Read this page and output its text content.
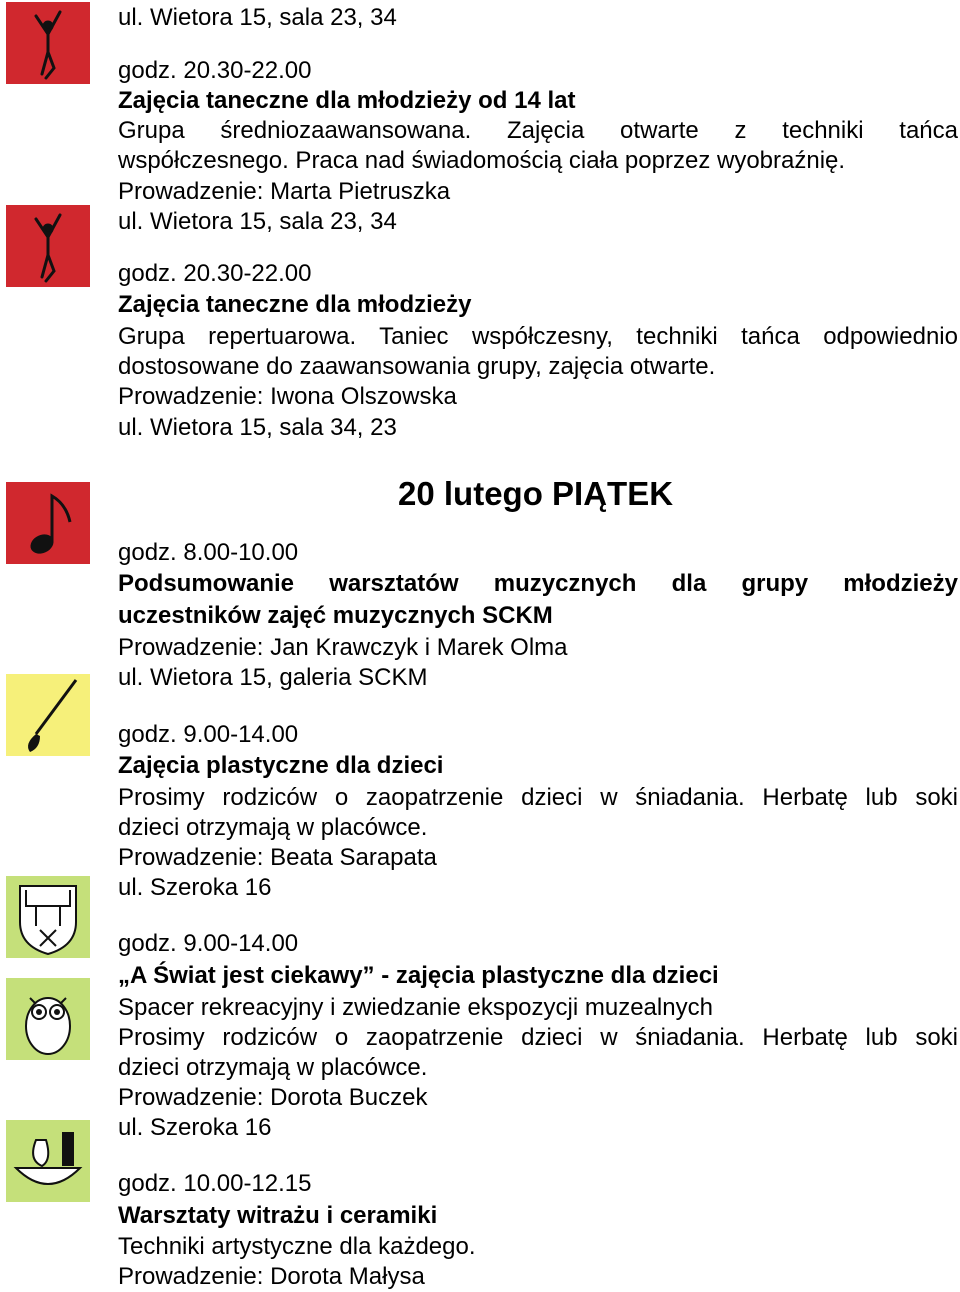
ul. Wietora 15, sala 23, 34
godz. 20.30-22.00
Zajęcia taneczne dla młodzieży od 14 lat
Grupa średniozaawansowana. Zajęcia otwarte z techniki tańca
współczesnego. Praca nad świadomością ciała poprzez wyobraźnię.
Prowadzenie: Marta Pietruszka
ul. Wietora 15, sala 23, 34
godz. 20.30-22.00
Zajęcia taneczne dla młodzieży
Grupa repertuarowa. Taniec współczesny, techniki tańca odpowiednio
dostosowane do zaawansowania grupy, zajęcia otwarte.
Prowadzenie: Iwona Olszowska
ul. Wietora 15, sala 34, 23
20 lutego PIĄTEK
godz. 8.00-10.00
Podsumowanie warsztatów muzycznych dla grupy młodzieży
uczestników zajęć muzycznych SCKM
Prowadzenie: Jan Krawczyk i Marek Olma
ul. Wietora 15, galeria SCKM
godz. 9.00-14.00
Zajęcia plastyczne dla dzieci
Prosimy rodziców o zaopatrzenie dzieci w śniadania. Herbatę lub soki
dzieci otrzymają w placówce.
Prowadzenie: Beata Sarapata
ul. Szeroka 16
godz. 9.00-14.00
„A Świat jest ciekawy” - zajęcia plastyczne dla dzieci
Spacer rekreacyjny i zwiedzanie ekspozycji muzealnych
Prosimy rodziców o zaopatrzenie dzieci w śniadania. Herbatę lub soki
dzieci otrzymają w placówce.
Prowadzenie: Dorota Buczek
ul. Szeroka 16
godz. 10.00-12.15
Warsztaty witrażu i ceramiki
Techniki artystyczne dla każdego.
Prowadzenie: Dorota Małysa
